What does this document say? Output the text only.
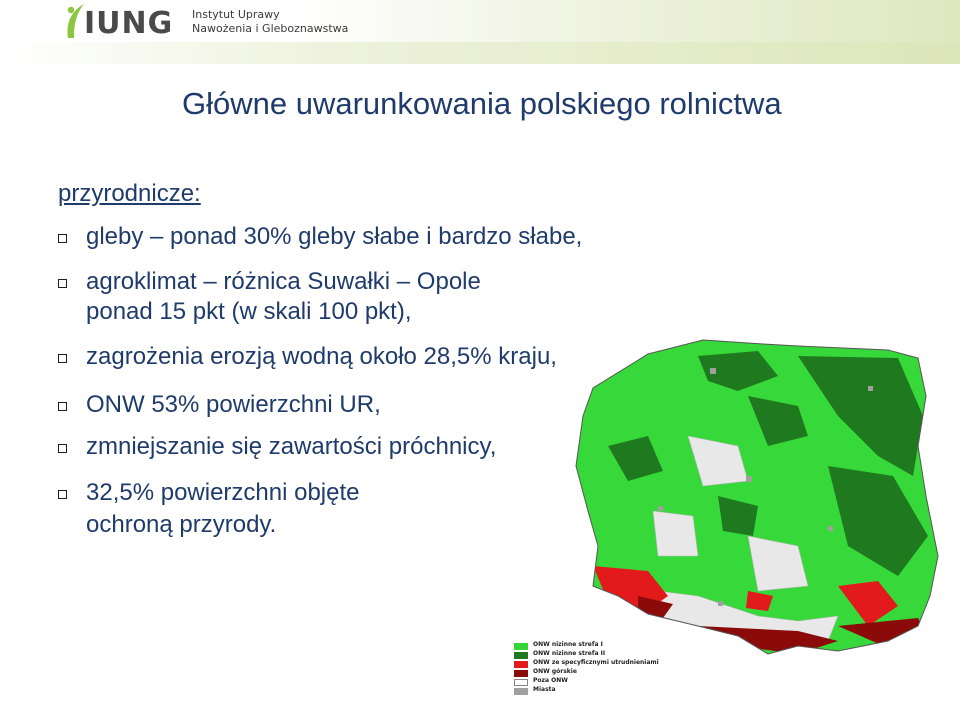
IUNG Instytut Uprawy
Nawożenia i Gleboznawstwa
Główne uwarunkowania polskiego rolnictwa
przyrodnicze:
gleby – ponad 30% gleby słabe i bardzo słabe,
agroklimat – różnica Suwałki – Opole
ponad 15 pkt (w skali 100 pkt),
zagrożenia erozją wodną około 28,5% kraju,
ONW 53% powierzchni UR,
zmniejszanie się zawartości próchnicy,
32,5% powierzchni objęte
ochroną przyrody.
ONW nizinne strefa I
ONW nizinne strefa II
ONW ze specyficznymi utrudnieniami
ONW górskie
Poza ONW
Miasta
